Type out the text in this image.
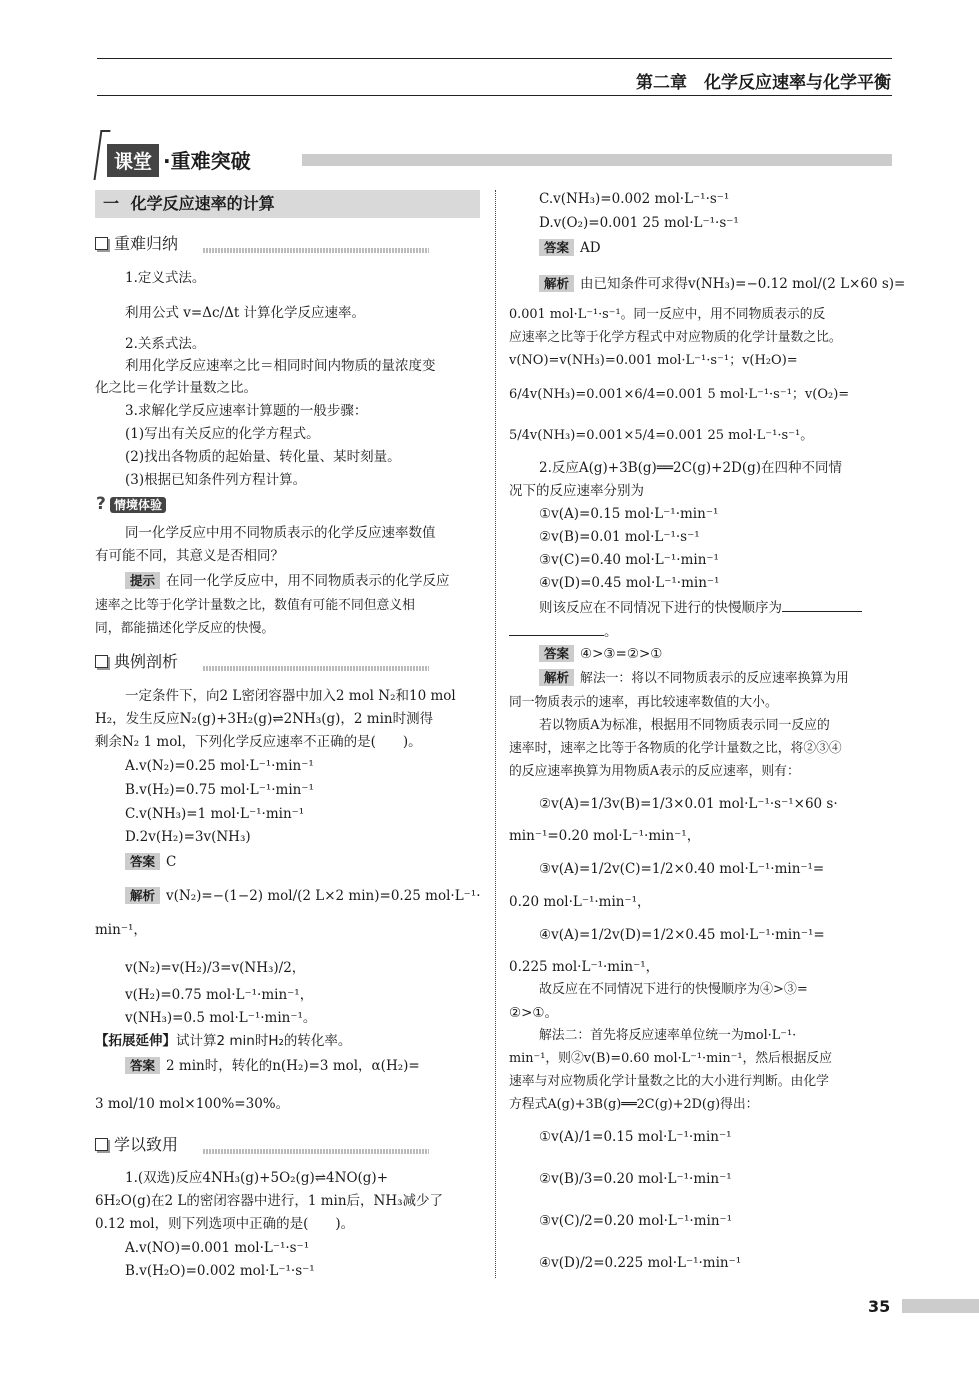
第二章　化学反应速率与化学平衡
课堂 ·重难突破
一 化学反应速率的计算
重难归纳
1.定义式法。
利用公式 v=Δc/Δt 计算化学反应速率。
2.关系式法。
利用化学反应速率之比＝相同时间内物质的量浓度变
化之比＝化学计量数之比。
3.求解化学反应速率计算题的一般步骤：
(1)写出有关反应的化学方程式。
(2)找出各物质的起始量、转化量、某时刻量。
(3)根据已知条件列方程计算。
? 情境体验
同一化学反应中用不同物质表示的化学反应速率数值
有可能不同，其意义是否相同？
提示 在同一化学反应中，用不同物质表示的化学反应
速率之比等于化学计量数之比，数值有可能不同但意义相
同，都能描述化学反应的快慢。
典例剖析
一定条件下，向2 L密闭容器中加入2 mol N₂和10 mol
H₂，发生反应N₂(g)+3H₂(g)⇌2NH₃(g)，2 min时测得
剩余N₂ 1 mol，下列化学反应速率不正确的是(　　)。
A.v(N₂)=0.25 mol·L⁻¹·min⁻¹
B.v(H₂)=0.75 mol·L⁻¹·min⁻¹
C.v(NH₃)=1 mol·L⁻¹·min⁻¹
D.2v(H₂)=3v(NH₃)
答案 C
解析 v(N₂)=−(1−2) mol/(2 L×2 min)=0.25 mol·L⁻¹·
min⁻¹，
v(N₂)=v(H₂)/3=v(NH₃)/2，
v(H₂)=0.75 mol·L⁻¹·min⁻¹，
v(NH₃)=0.5 mol·L⁻¹·min⁻¹。
【拓展延伸】试计算2 min时H₂的转化率。
答案 2 min时，转化的n(H₂)=3 mol，α(H₂)=
3 mol/10 mol×100%=30%。
学以致用
1.(双选)反应4NH₃(g)+5O₂(g)⇌4NO(g)+
6H₂O(g)在2 L的密闭容器中进行，1 min后，NH₃减少了
0.12 mol，则下列选项中正确的是(　　)。
A.v(NO)=0.001 mol·L⁻¹·s⁻¹
B.v(H₂O)=0.002 mol·L⁻¹·s⁻¹
C.v(NH₃)=0.002 mol·L⁻¹·s⁻¹
D.v(O₂)=0.001 25 mol·L⁻¹·s⁻¹
答案 AD
解析 由已知条件可求得v(NH₃)=−0.12 mol/(2 L×60 s)=
0.001 mol·L⁻¹·s⁻¹。同一反应中，用不同物质表示的反
应速率之比等于化学方程式中对应物质的化学计量数之比。
v(NO)=v(NH₃)=0.001 mol·L⁻¹·s⁻¹；v(H₂O)=
6/4v(NH₃)=0.001×6/4=0.001 5 mol·L⁻¹·s⁻¹；v(O₂)=
5/4v(NH₃)=0.001×5/4=0.001 25 mol·L⁻¹·s⁻¹。
2.反应A(g)+3B(g)══2C(g)+2D(g)在四种不同情
况下的反应速率分别为
①v(A)=0.15 mol·L⁻¹·min⁻¹
②v(B)=0.01 mol·L⁻¹·s⁻¹
③v(C)=0.40 mol·L⁻¹·min⁻¹
④v(D)=0.45 mol·L⁻¹·min⁻¹
则该反应在不同情况下进行的快慢顺序为
。
答案 ④>③=②>①
解析 解法一：将以不同物质表示的反应速率换算为用
同一物质表示的速率，再比较速率数值的大小。
若以物质A为标准，根据用不同物质表示同一反应的
速率时，速率之比等于各物质的化学计量数之比，将②③④
的反应速率换算为用物质A表示的反应速率，则有：
②v(A)=1/3v(B)=1/3×0.01 mol·L⁻¹·s⁻¹×60 s·
min⁻¹=0.20 mol·L⁻¹·min⁻¹，
③v(A)=1/2v(C)=1/2×0.40 mol·L⁻¹·min⁻¹=
0.20 mol·L⁻¹·min⁻¹，
④v(A)=1/2v(D)=1/2×0.45 mol·L⁻¹·min⁻¹=
0.225 mol·L⁻¹·min⁻¹，
故反应在不同情况下进行的快慢顺序为④>③=
②>①。
解法二：首先将反应速率单位统一为mol·L⁻¹·
min⁻¹，则②v(B)=0.60 mol·L⁻¹·min⁻¹，然后根据反应
速率与对应物质化学计量数之比的大小进行判断。由化学
方程式A(g)+3B(g)══2C(g)+2D(g)得出：
①v(A)/1=0.15 mol·L⁻¹·min⁻¹
②v(B)/3=0.20 mol·L⁻¹·min⁻¹
③v(C)/2=0.20 mol·L⁻¹·min⁻¹
④v(D)/2=0.225 mol·L⁻¹·min⁻¹
35
